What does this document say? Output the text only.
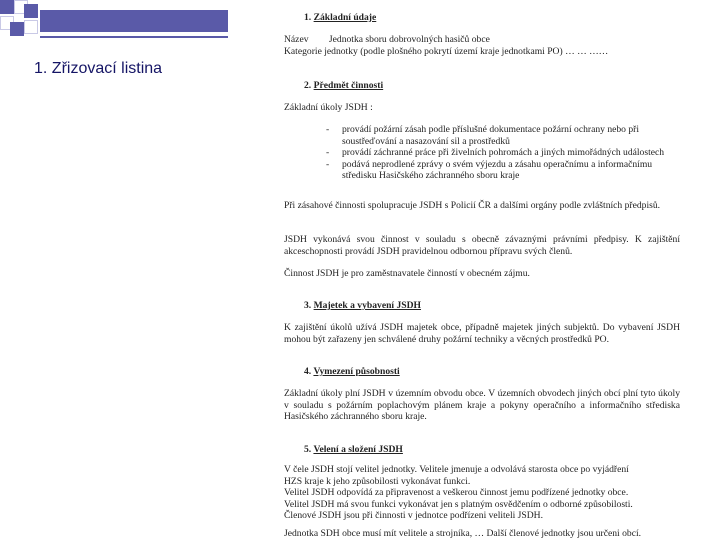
1. Zřizovací listina

1. Základní údaje

Název Jednotka sboru dobrovolných hasičů obce
Kategorie jednotky (podle plošného pokrytí území kraje jednotkami PO) … … ……

2. Předmět činnosti

Základní úkoly JSDH :
- provádí požární zásah podle příslušné dokumentace požární ochrany nebo při soustřeďování a nasazování sil a prostředků
- provádí záchranné práce při živelních pohromách a jiných mimořádných událostech
- podává neprodlené zprávy o svém výjezdu a zásahu operačnímu a informačnímu středisku Hasičského záchranného sboru kraje
Při zásahové činnosti spolupracuje JSDH s Policií ČR a dalšími orgány podle zvláštních předpisů.
JSDH vykonává svou činnost v souladu s obecně závaznými právními předpisy. K zajištění akceschopnosti provádí JSDH pravidelnou odbornou přípravu svých členů.
Činnost JSDH je pro zaměstnavatele činností v obecném zájmu.

3. Majetek a vybavení JSDH

K zajištění úkolů užívá JSDH majetek obce, případně majetek jiných subjektů. Do vybavení JSDH mohou být zařazeny jen schválené druhy požární techniky a věcných prostředků PO.

4. Vymezení působnosti

Základní úkoly plní JSDH v územním obvodu obce. V územních obvodech jiných obcí plní tyto úkoly v souladu s požárním poplachovým plánem kraje a pokyny operačního a informačního střediska Hasičského záchranného sboru kraje.

5. Velení a složení JSDH

V čele JSDH stojí velitel jednotky. Velitele jmenuje a odvolává starosta obce po vyjádření

HZS kraje k jeho způsobilosti vykonávat funkci.

Velitel JSDH odpovídá za připravenost a veškerou činnost jemu podřízené jednotky obce.

Velitel JSDH má svou funkci vykonávat jen s platným osvědčením o odborné způsobilosti.

Členové JSDH jsou při činnosti v jednotce podřízeni veliteli JSDH.

Jednotka SDH obce musí mít velitele a strojníka, … Další členové jednotky jsou určeni obcí.
